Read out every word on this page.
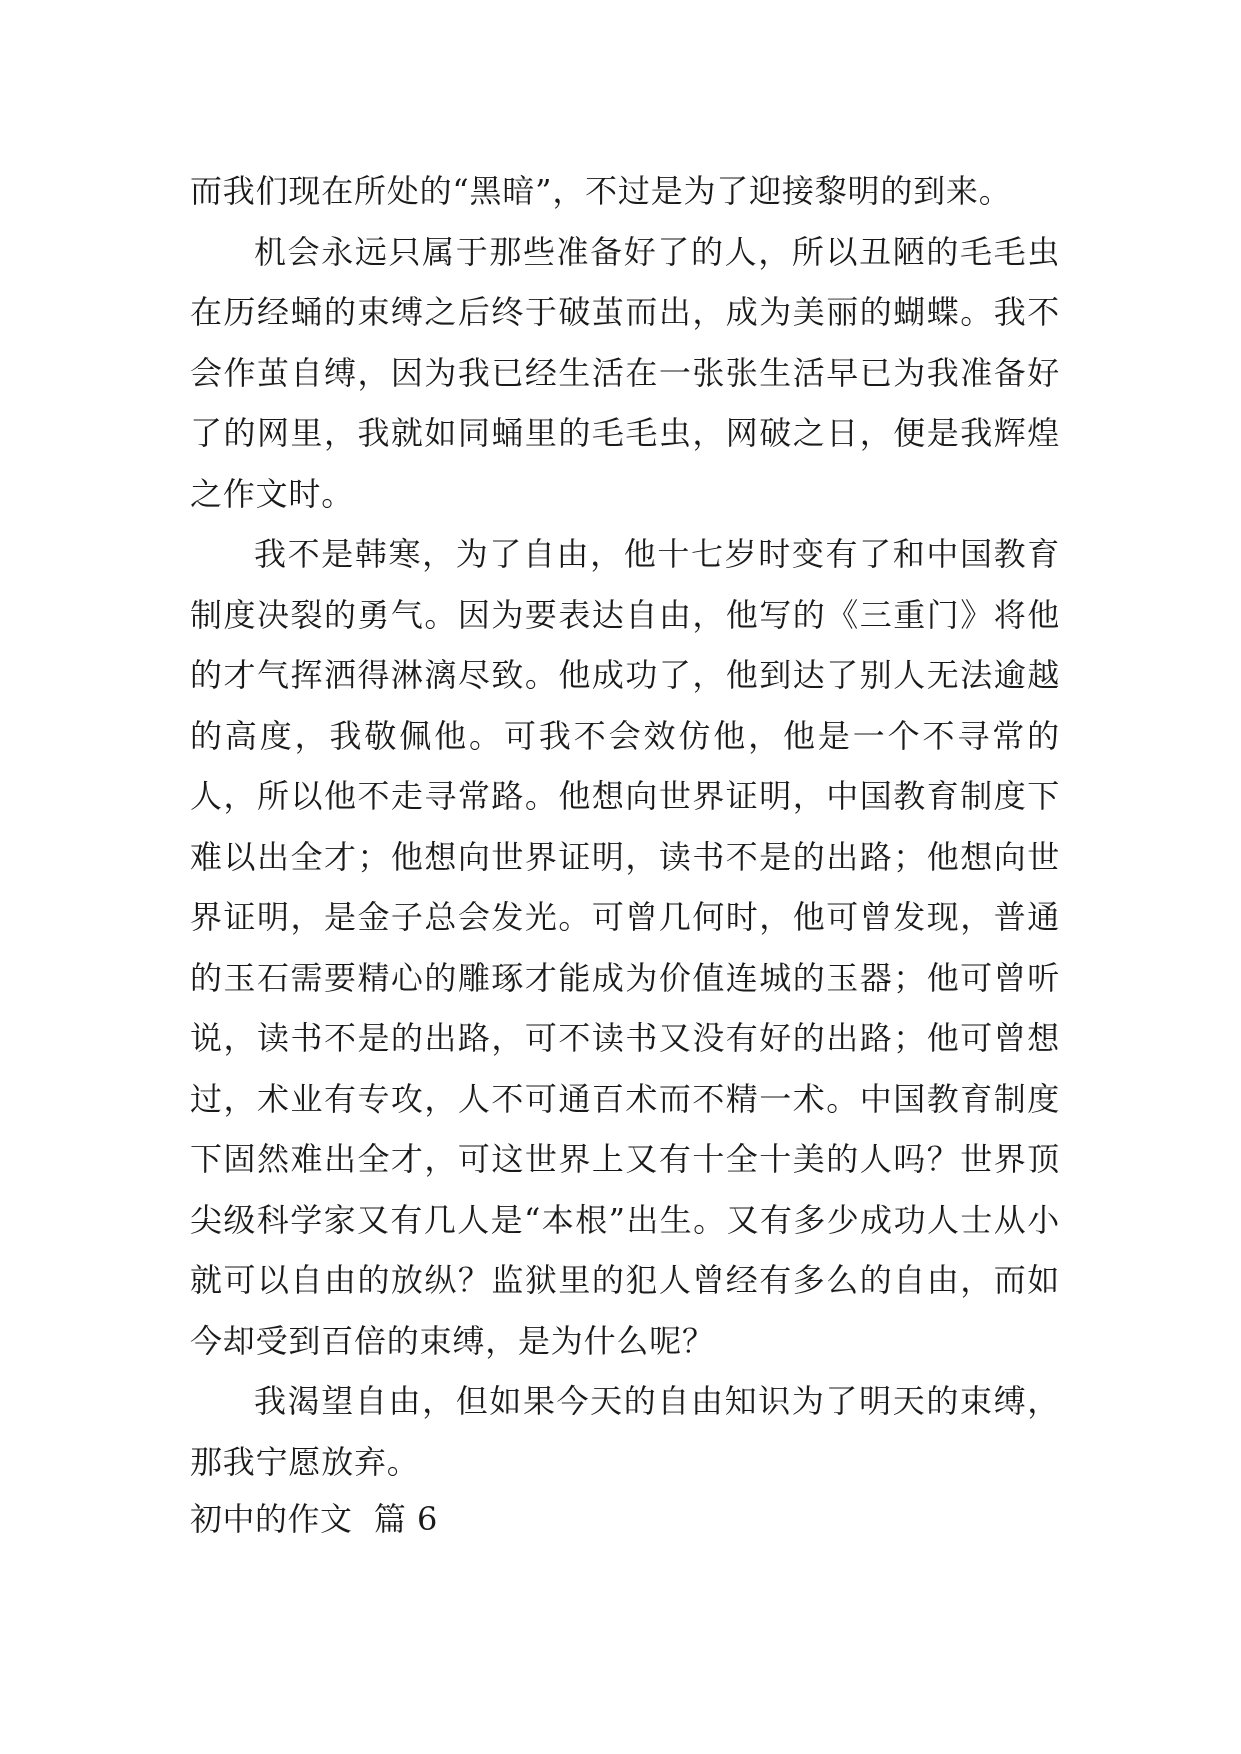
而我们现在所处的“黑暗”，不过是为了迎接黎明的到来。

机会永远只属于那些准备好了的人，所以丑陋的毛毛虫在历经蛹的束缚之后终于破茧而出，成为美丽的蝴蝶。我不会作茧自缚，因为我已经生活在一张张生活早已为我准备好了的网里，我就如同蛹里的毛毛虫，网破之日，便是我辉煌之作文时。

我不是韩寒，为了自由，他十七岁时变有了和中国教育制度决裂的勇气。因为要表达自由，他写的《三重门》将他的才气挥洒得淋漓尽致。他成功了，他到达了别人无法逾越的高度，我敬佩他。可我不会效仿他，他是一个不寻常的人，所以他不走寻常路。他想向世界证明，中国教育制度下难以出全才；他想向世界证明，读书不是的出路；他想向世界证明，是金子总会发光。可曾几何时，他可曾发现，普通的玉石需要精心的雕琢才能成为价值连城的玉器；他可曾听说，读书不是的出路，可不读书又没有好的出路；他可曾想过，术业有专攻，人不可通百术而不精一术。中国教育制度下固然难出全才，可这世界上又有十全十美的人吗？世界顶尖级科学家又有几人是“本根”出生。又有多少成功人士从小就可以自由的放纵？监狱里的犯人曾经有多么的自由，而如今却受到百倍的束缚，是为什么呢？

我渴望自由，但如果今天的自由知识为了明天的束缚，那我宁愿放弃。

初中的作文  篇 6
